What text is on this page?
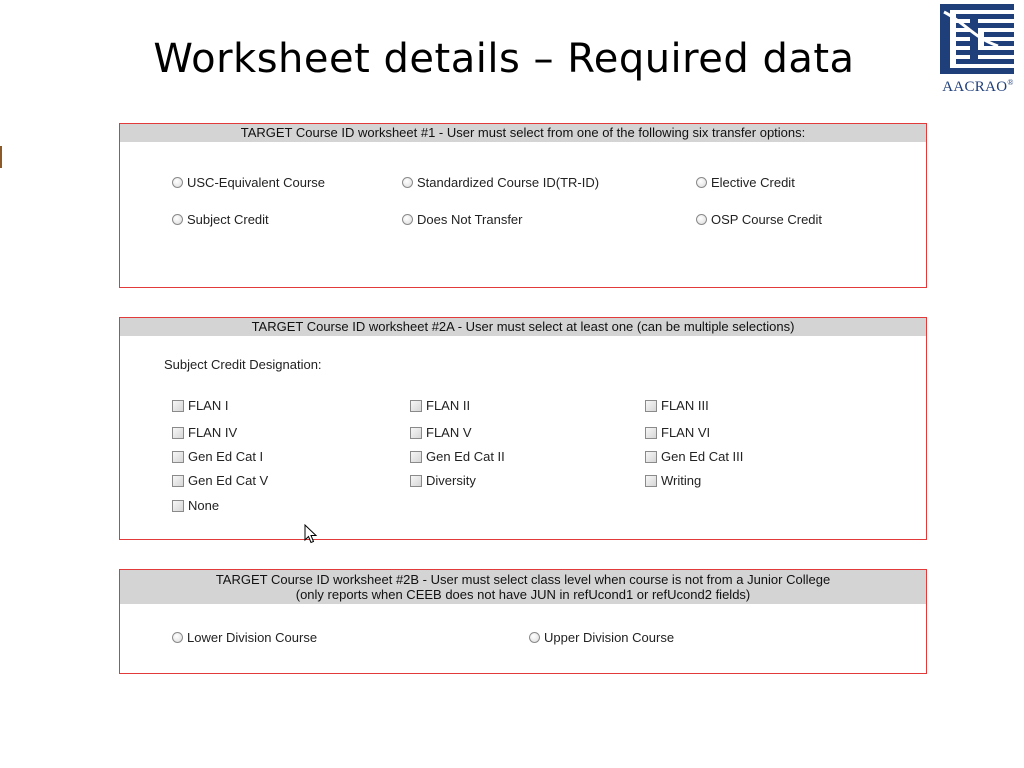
Worksheet details – Required data
AACRAO®
TARGET Course ID worksheet #1 - User must select from one of the following six transfer options:
USC-Equivalent Course	Standardized Course ID(TR-ID)	Elective Credit
Subject Credit	Does Not Transfer	OSP Course Credit
TARGET Course ID worksheet #2A - User must select at least one (can be multiple selections)
Subject Credit Designation:
FLAN I	FLAN II	FLAN III
FLAN IV	FLAN V	FLAN VI
Gen Ed Cat I	Gen Ed Cat II	Gen Ed Cat III
Gen Ed Cat V	Diversity	Writing
None
TARGET Course ID worksheet #2B - User must select class level when course is not from a Junior College
(only reports when CEEB does not have JUN in refUcond1 or refUcond2 fields)
Lower Division Course	Upper Division Course
